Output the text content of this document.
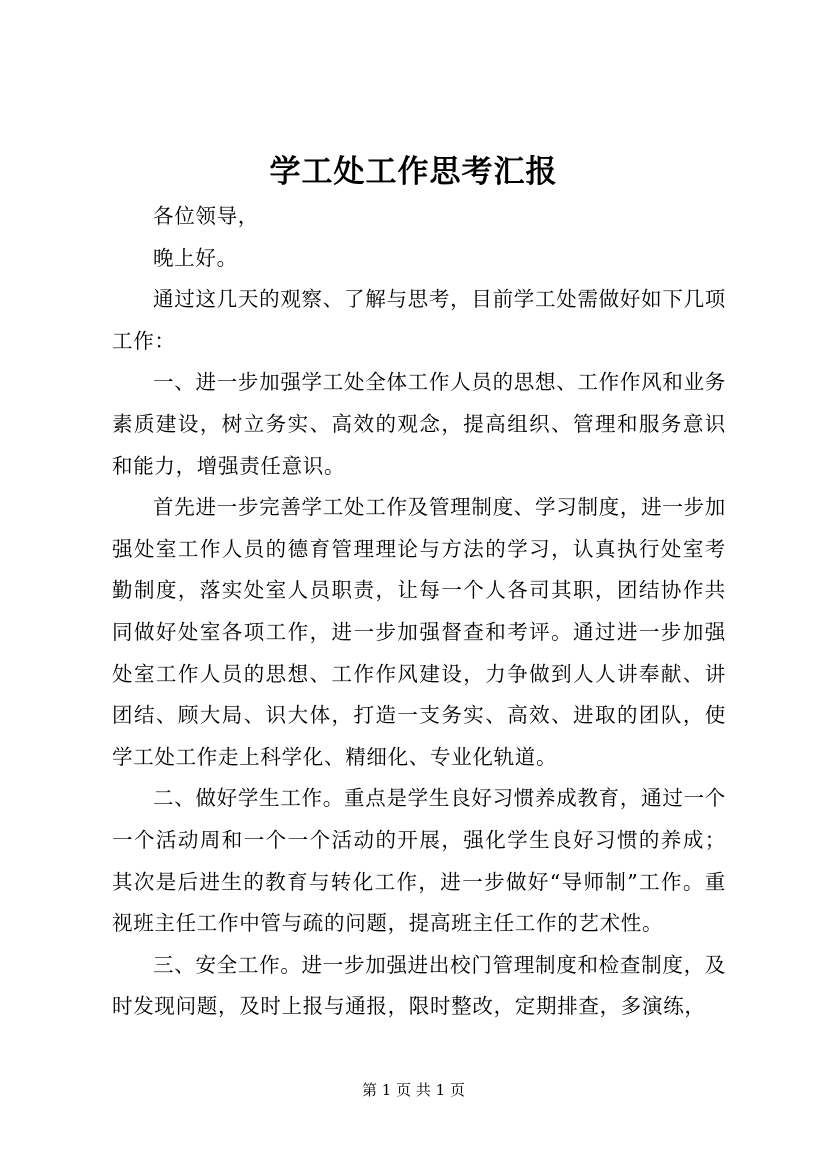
学工处工作思考汇报

各位领导，

晚上好。

通过这几天的观察、了解与思考，目前学工处需做好如下几项工作：

一、进一步加强学工处全体工作人员的思想、工作作风和业务素质建设，树立务实、高效的观念，提高组织、管理和服务意识和能力，增强责任意识。

首先进一步完善学工处工作及管理制度、学习制度，进一步加强处室工作人员的德育管理理论与方法的学习，认真执行处室考勤制度，落实处室人员职责，让每一个人各司其职，团结协作共同做好处室各项工作，进一步加强督查和考评。通过进一步加强处室工作人员的思想、工作作风建设，力争做到人人讲奉献、讲团结、顾大局、识大体，打造一支务实、高效、进取的团队，使学工处工作走上科学化、精细化、专业化轨道。

二、做好学生工作。重点是学生良好习惯养成教育，通过一个一个活动周和一个一个活动的开展，强化学生良好习惯的养成；其次是后进生的教育与转化工作，进一步做好“导师制”工作。重视班主任工作中管与疏的问题，提高班主任工作的艺术性。

三、安全工作。进一步加强进出校门管理制度和检查制度，及时发现问题，及时上报与通报，限时整改，定期排查，多演练，

第 1 页 共 1 页
